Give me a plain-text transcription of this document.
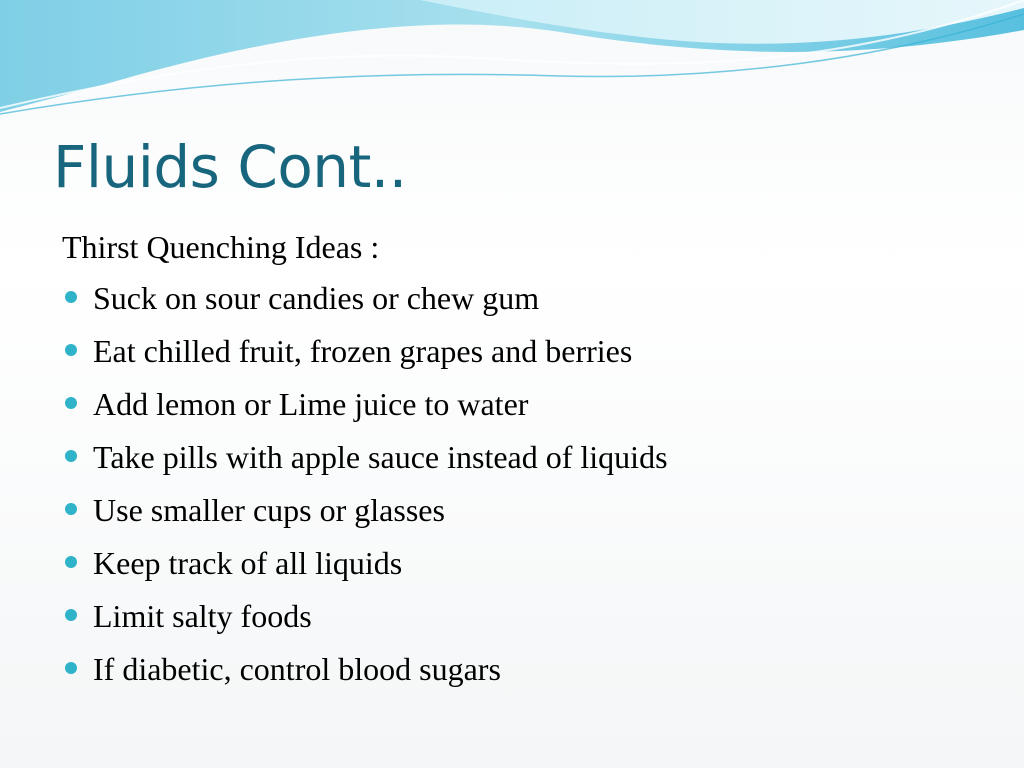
Fluids Cont..

Thirst Quenching Ideas :

Suck on sour candies or chew gum
Eat chilled fruit, frozen grapes and berries
Add lemon or Lime juice to water
Take pills with apple sauce instead of liquids
Use smaller cups or glasses
Keep track of all liquids
Limit salty foods
If diabetic, control blood sugars
